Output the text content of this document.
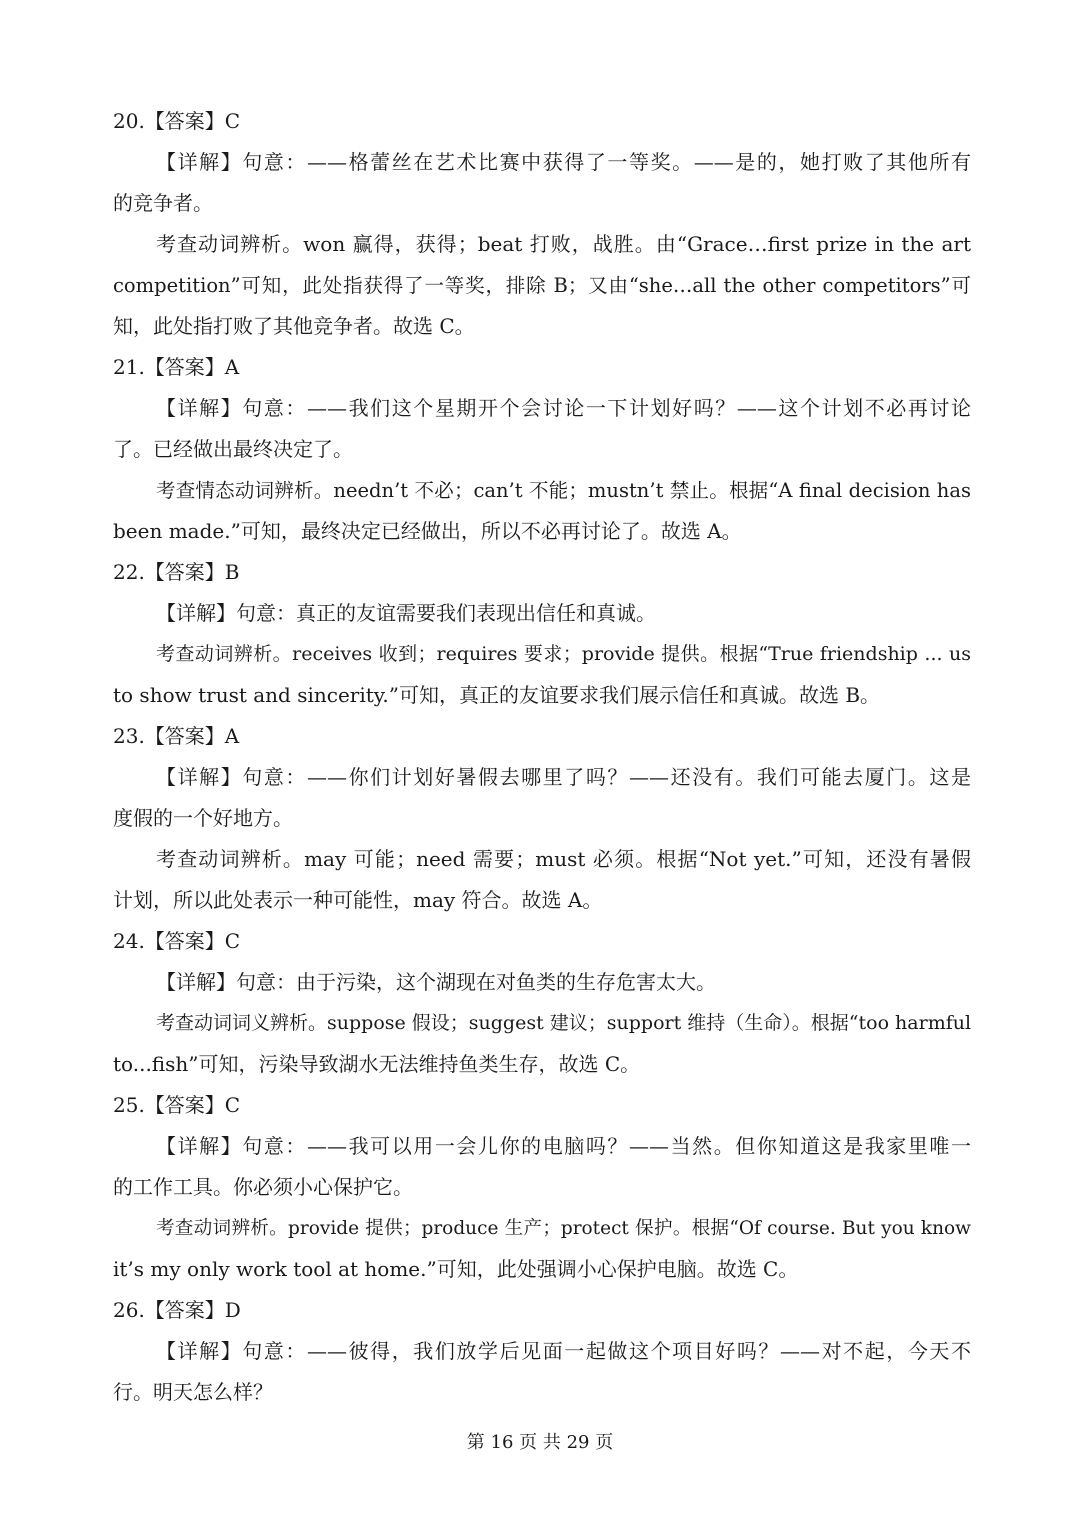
20.【答案】C
【详解】句意：——格蕾丝在艺术比赛中获得了一等奖。——是的，她打败了其他所有
的竞争者。
考查动词辨析。won 赢得，获得；beat 打败，战胜。由“Grace…first prize in the art
competition”可知，此处指获得了一等奖，排除 B；又由“she…all the other competitors”可
知，此处指打败了其他竞争者。故选 C。
21.【答案】A
【详解】句意：——我们这个星期开个会讨论一下计划好吗？——这个计划不必再讨论
了。已经做出最终决定了。
考查情态动词辨析。needn’t 不必；can’t 不能；mustn’t 禁止。根据“A final decision has
been made.”可知，最终决定已经做出，所以不必再讨论了。故选 A。
22.【答案】B
【详解】句意：真正的友谊需要我们表现出信任和真诚。
考查动词辨析。receives 收到；requires 要求；provide 提供。根据“True friendship ... us
to show trust and sincerity.”可知，真正的友谊要求我们展示信任和真诚。故选 B。
23.【答案】A
【详解】句意：——你们计划好暑假去哪里了吗？——还没有。我们可能去厦门。这是
度假的一个好地方。
考查动词辨析。may 可能；need 需要；must 必须。根据“Not yet.”可知，还没有暑假
计划，所以此处表示一种可能性，may 符合。故选 A。
24.【答案】C
【详解】句意：由于污染，这个湖现在对鱼类的生存危害太大。
考查动词词义辨析。suppose 假设；suggest 建议；support 维持（生命）。根据“too harmful
to...fish”可知，污染导致湖水无法维持鱼类生存，故选 C。
25.【答案】C
【详解】句意：——我可以用一会儿你的电脑吗？——当然。但你知道这是我家里唯一
的工作工具。你必须小心保护它。
考查动词辨析。provide 提供；produce 生产；protect 保护。根据“Of course. But you know
it’s my only work tool at home.”可知，此处强调小心保护电脑。故选 C。
26.【答案】D
【详解】句意：——彼得，我们放学后见面一起做这个项目好吗？——对不起，今天不
行。明天怎么样？
第 16 页 共 29 页
